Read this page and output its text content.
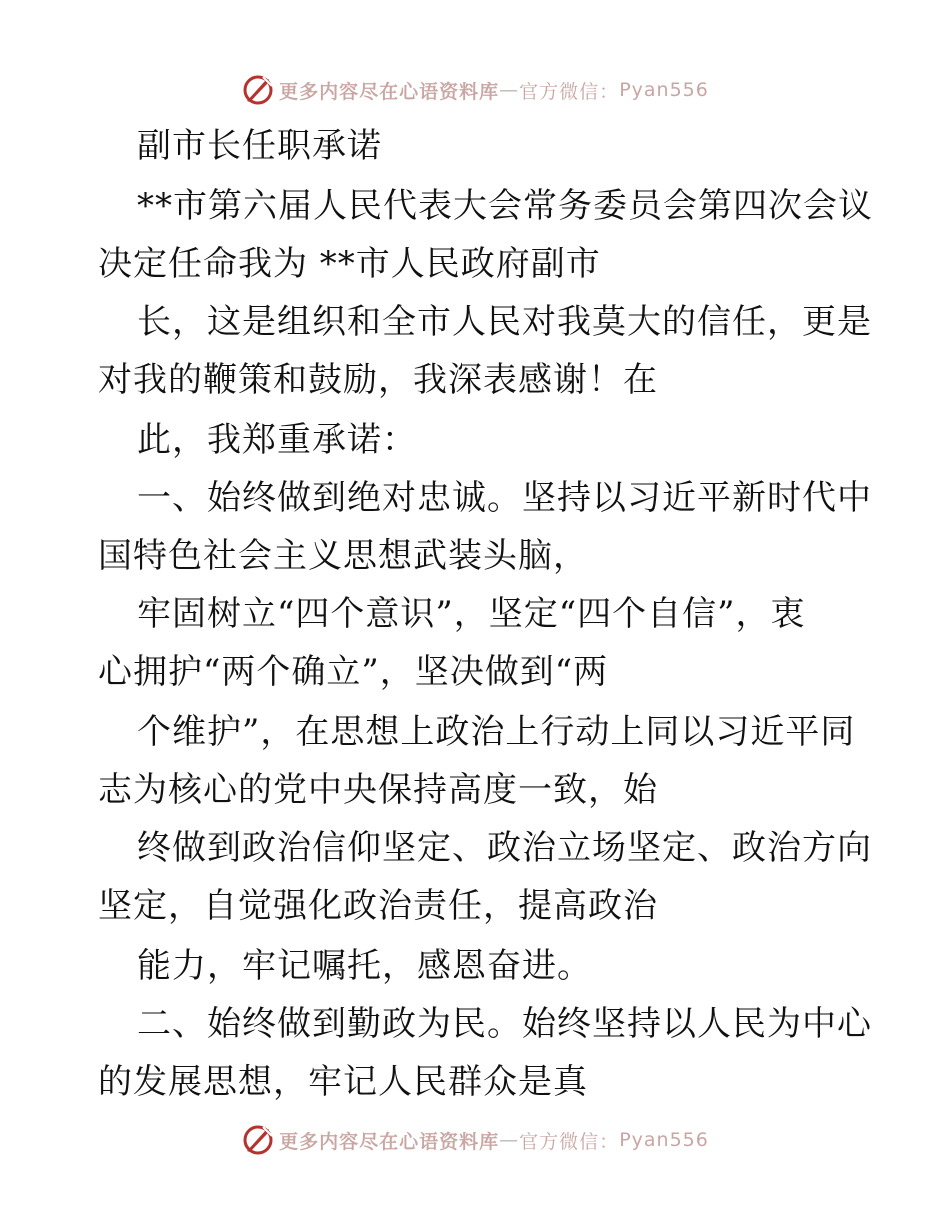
更多内容尽在心语资料库 — 官方微信： Pyan556
副市长任职承诺
**市第六届人民代表大会常务委员会第四次会议
决定任命我为 **市人民政府副市
长，这是组织和全市人民对我莫大的信任，更是
对我的鞭策和鼓励，我深表感谢！在
此，我郑重承诺：
一、始终做到绝对忠诚。坚持以习近平新时代中
国特色社会主义思想武装头脑，
牢固树立“四个意识”，坚定“四个自信”，衷
心拥护“两个确立”，坚决做到“两
个维护”，在思想上政治上行动上同以习近平同
志为核心的党中央保持高度一致，始
终做到政治信仰坚定、政治立场坚定、政治方向
坚定，自觉强化政治责任，提高政治
能力，牢记嘱托，感恩奋进。
二、始终做到勤政为民。始终坚持以人民为中心
的发展思想，牢记人民群众是真
更多内容尽在心语资料库 — 官方微信： Pyan556
